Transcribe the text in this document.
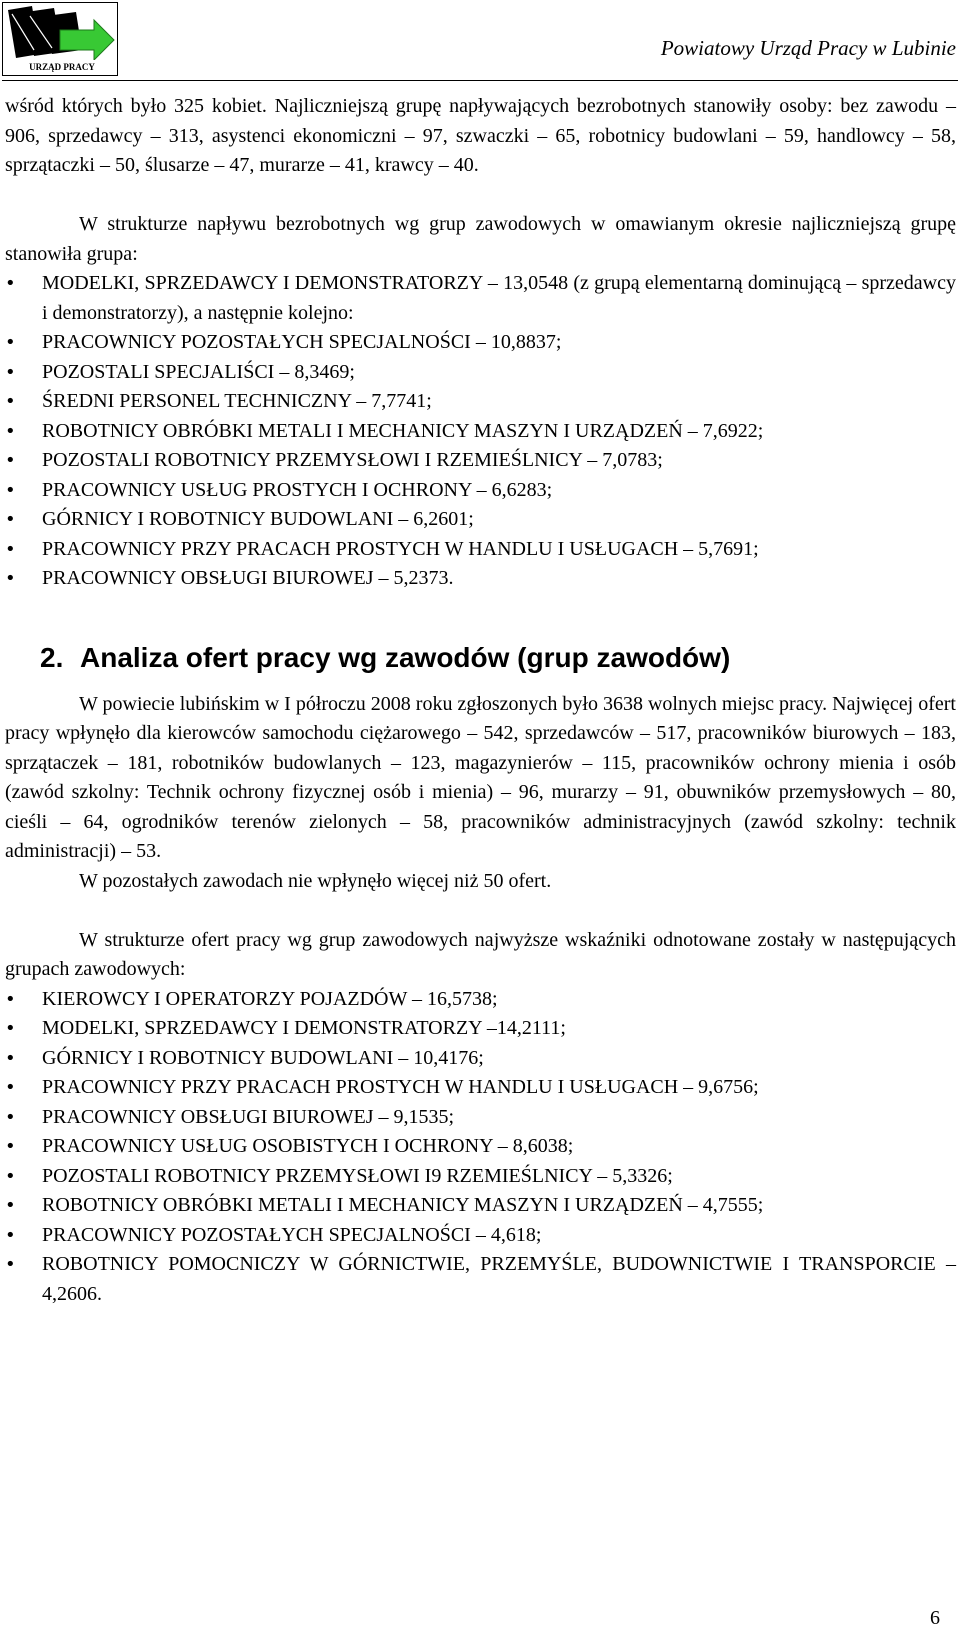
URZĄD PRACY
Powiatowy Urząd Pracy w Lubinie

wśród których było 325 kobiet. Najliczniejszą grupę napływających bezrobotnych stanowiły osoby: bez zawodu – 906, sprzedawcy – 313, asystenci ekonomiczni – 97, szwaczki – 65, robotnicy budowlani – 59, handlowcy – 58, sprzątaczki – 50, ślusarze – 47, murarze – 41, krawcy – 40.

W strukturze napływu bezrobotnych wg grup zawodowych w omawianym okresie najliczniejszą grupę stanowiła grupa:

• MODELKI, SPRZEDAWCY I DEMONSTRATORZY – 13,0548 (z grupą elementarną dominującą – sprzedawcy i demonstratorzy), a następnie kolejno:
• PRACOWNICY POZOSTAŁYCH SPECJALNOŚCI – 10,8837;
• POZOSTALI SPECJALIŚCI – 8,3469;
• ŚREDNI PERSONEL TECHNICZNY – 7,7741;
• ROBOTNICY OBRÓBKI METALI I MECHANICY MASZYN I URZĄDZEŃ – 7,6922;
• POZOSTALI ROBOTNICY PRZEMYSŁOWI I RZEMIEŚLNICY – 7,0783;
• PRACOWNICY USŁUG PROSTYCH I OCHRONY – 6,6283;
• GÓRNICY I ROBOTNICY BUDOWLANI – 6,2601;
• PRACOWNICY PRZY PRACACH PROSTYCH W HANDLU I USŁUGACH – 5,7691;
• PRACOWNICY OBSŁUGI BIUROWEJ – 5,2373.
2. Analiza ofert pracy wg zawodów (grup zawodów)

W powiecie lubińskim w I półroczu 2008 roku zgłoszonych było 3638 wolnych miejsc pracy. Najwięcej ofert pracy wpłynęło dla kierowców samochodu ciężarowego – 542, sprzedawców – 517, pracowników biurowych – 183, sprzątaczek – 181, robotników budowlanych – 123, magazynierów – 115, pracowników ochrony mienia i osób (zawód szkolny: Technik ochrony fizycznej osób i mienia) – 96, murarzy – 91, obuwników przemysłowych – 80, cieśli – 64, ogrodników terenów zielonych – 58, pracowników administracyjnych (zawód szkolny: technik administracji) – 53.

W pozostałych zawodach nie wpłynęło więcej niż 50 ofert.

W strukturze ofert pracy wg grup zawodowych najwyższe wskaźniki odnotowane zostały w następujących grupach zawodowych:

• KIEROWCY I OPERATORZY POJAZDÓW – 16,5738;
• MODELKI, SPRZEDAWCY I DEMONSTRATORZY –14,2111;
• GÓRNICY I ROBOTNICY BUDOWLANI – 10,4176;
• PRACOWNICY PRZY PRACACH PROSTYCH W HANDLU I USŁUGACH – 9,6756;
• PRACOWNICY OBSŁUGI BIUROWEJ – 9,1535;
• PRACOWNICY USŁUG OSOBISTYCH I OCHRONY – 8,6038;
• POZOSTALI ROBOTNICY PRZEMYSŁOWI I9 RZEMIEŚLNICY – 5,3326;
• ROBOTNICY OBRÓBKI METALI I MECHANICY MASZYN I URZĄDZEŃ – 4,7555;
• PRACOWNICY POZOSTAŁYCH SPECJALNOŚCI – 4,618;
• ROBOTNICY POMOCNICZY W GÓRNICTWIE, PRZEMYŚLE, BUDOWNICTWIE I TRANSPORCIE – 4,2606.
6
